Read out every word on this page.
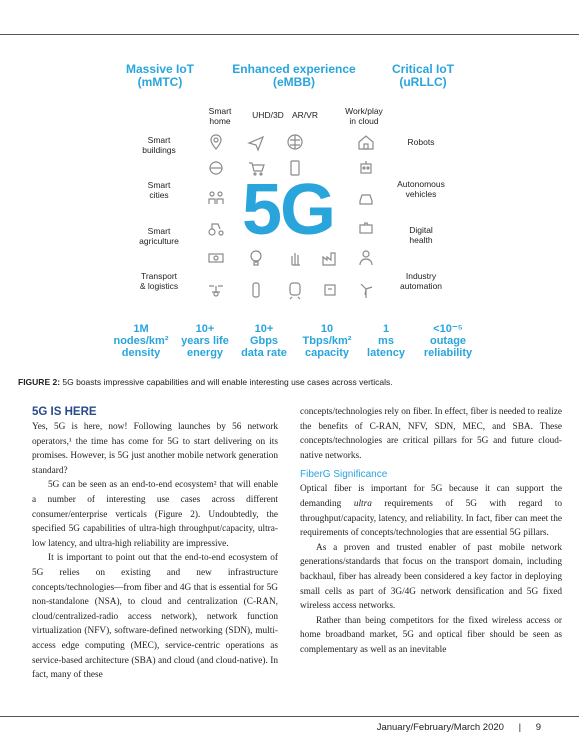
Massive IoT
(mMTC)
Enhanced experience
(eMBB)
Critical IoT
(uRLLC)
Smart
home
UHD/3D AR/VR	Work/play
in cloud
Smart
buildings
Smart
cities
Smart
agriculture
Transport
& logistics
Robots
Autonomous
vehicles
Digital
health
Industry
automation
5G
1M
nodes/km²
density
10+
years life
energy
10+
Gbps
data rate
10
Tbps/km²
capacity
1
ms
latency
<10⁻⁵
outage
reliability
FIGURE 2: 5G boasts impressive capabilities and will enable interesting use cases across verticals.
5G IS HERE

Yes, 5G is here, now! Following launches by 56 network operators,¹ the time has come for 5G to start delivering on its promises. However, is 5G just another mobile network generation standard?

5G can be seen as an end-to-end ecosystem² that will enable a number of interesting use cases across different consumer/enterprise verticals (Figure 2). Undoubtedly, the specified 5G capabilities of ultra-high throughput/capacity, ultra-low latency, and ultra-high reliability are impressive.

It is important to point out that the end-to-end ecosystem of 5G relies on existing and new infrastructure concepts/technologies—from fiber and 4G that is essential for 5G non-standalone (NSA), to cloud and centralization (C-RAN, cloud/centralized-radio access network), network function virtualization (NFV), software-defined networking (SDN), multi-access edge computing (MEC), service-centric operations as service-based architecture (SBA) and cloud (and cloud-native). In fact, many of these

concepts/technologies rely on fiber. In effect, fiber is needed to realize the benefits of C-RAN, NFV, SDN, MEC, and SBA. These concepts/technologies are critical pillars for 5G and future cloud-native networks.

FiberG Significance

Optical fiber is important for 5G because it can support the demanding ultra requirements of 5G with regard to throughput/capacity, latency, and reliability. In fact, fiber can meet the requirements of concepts/technologies that are essential 5G pillars.

As a proven and trusted enabler of past mobile network generations/standards that focus on the transport domain, including backhaul, fiber has already been considered a key factor in deploying small cells as part of 3G/4G network densification and 5G fixed wireless access networks.

Rather than being competitors for the fixed wireless access or home broadband market, 5G and optical fiber should be seen as complementary as well as an inevitable

January/February/March 2020 | 9
